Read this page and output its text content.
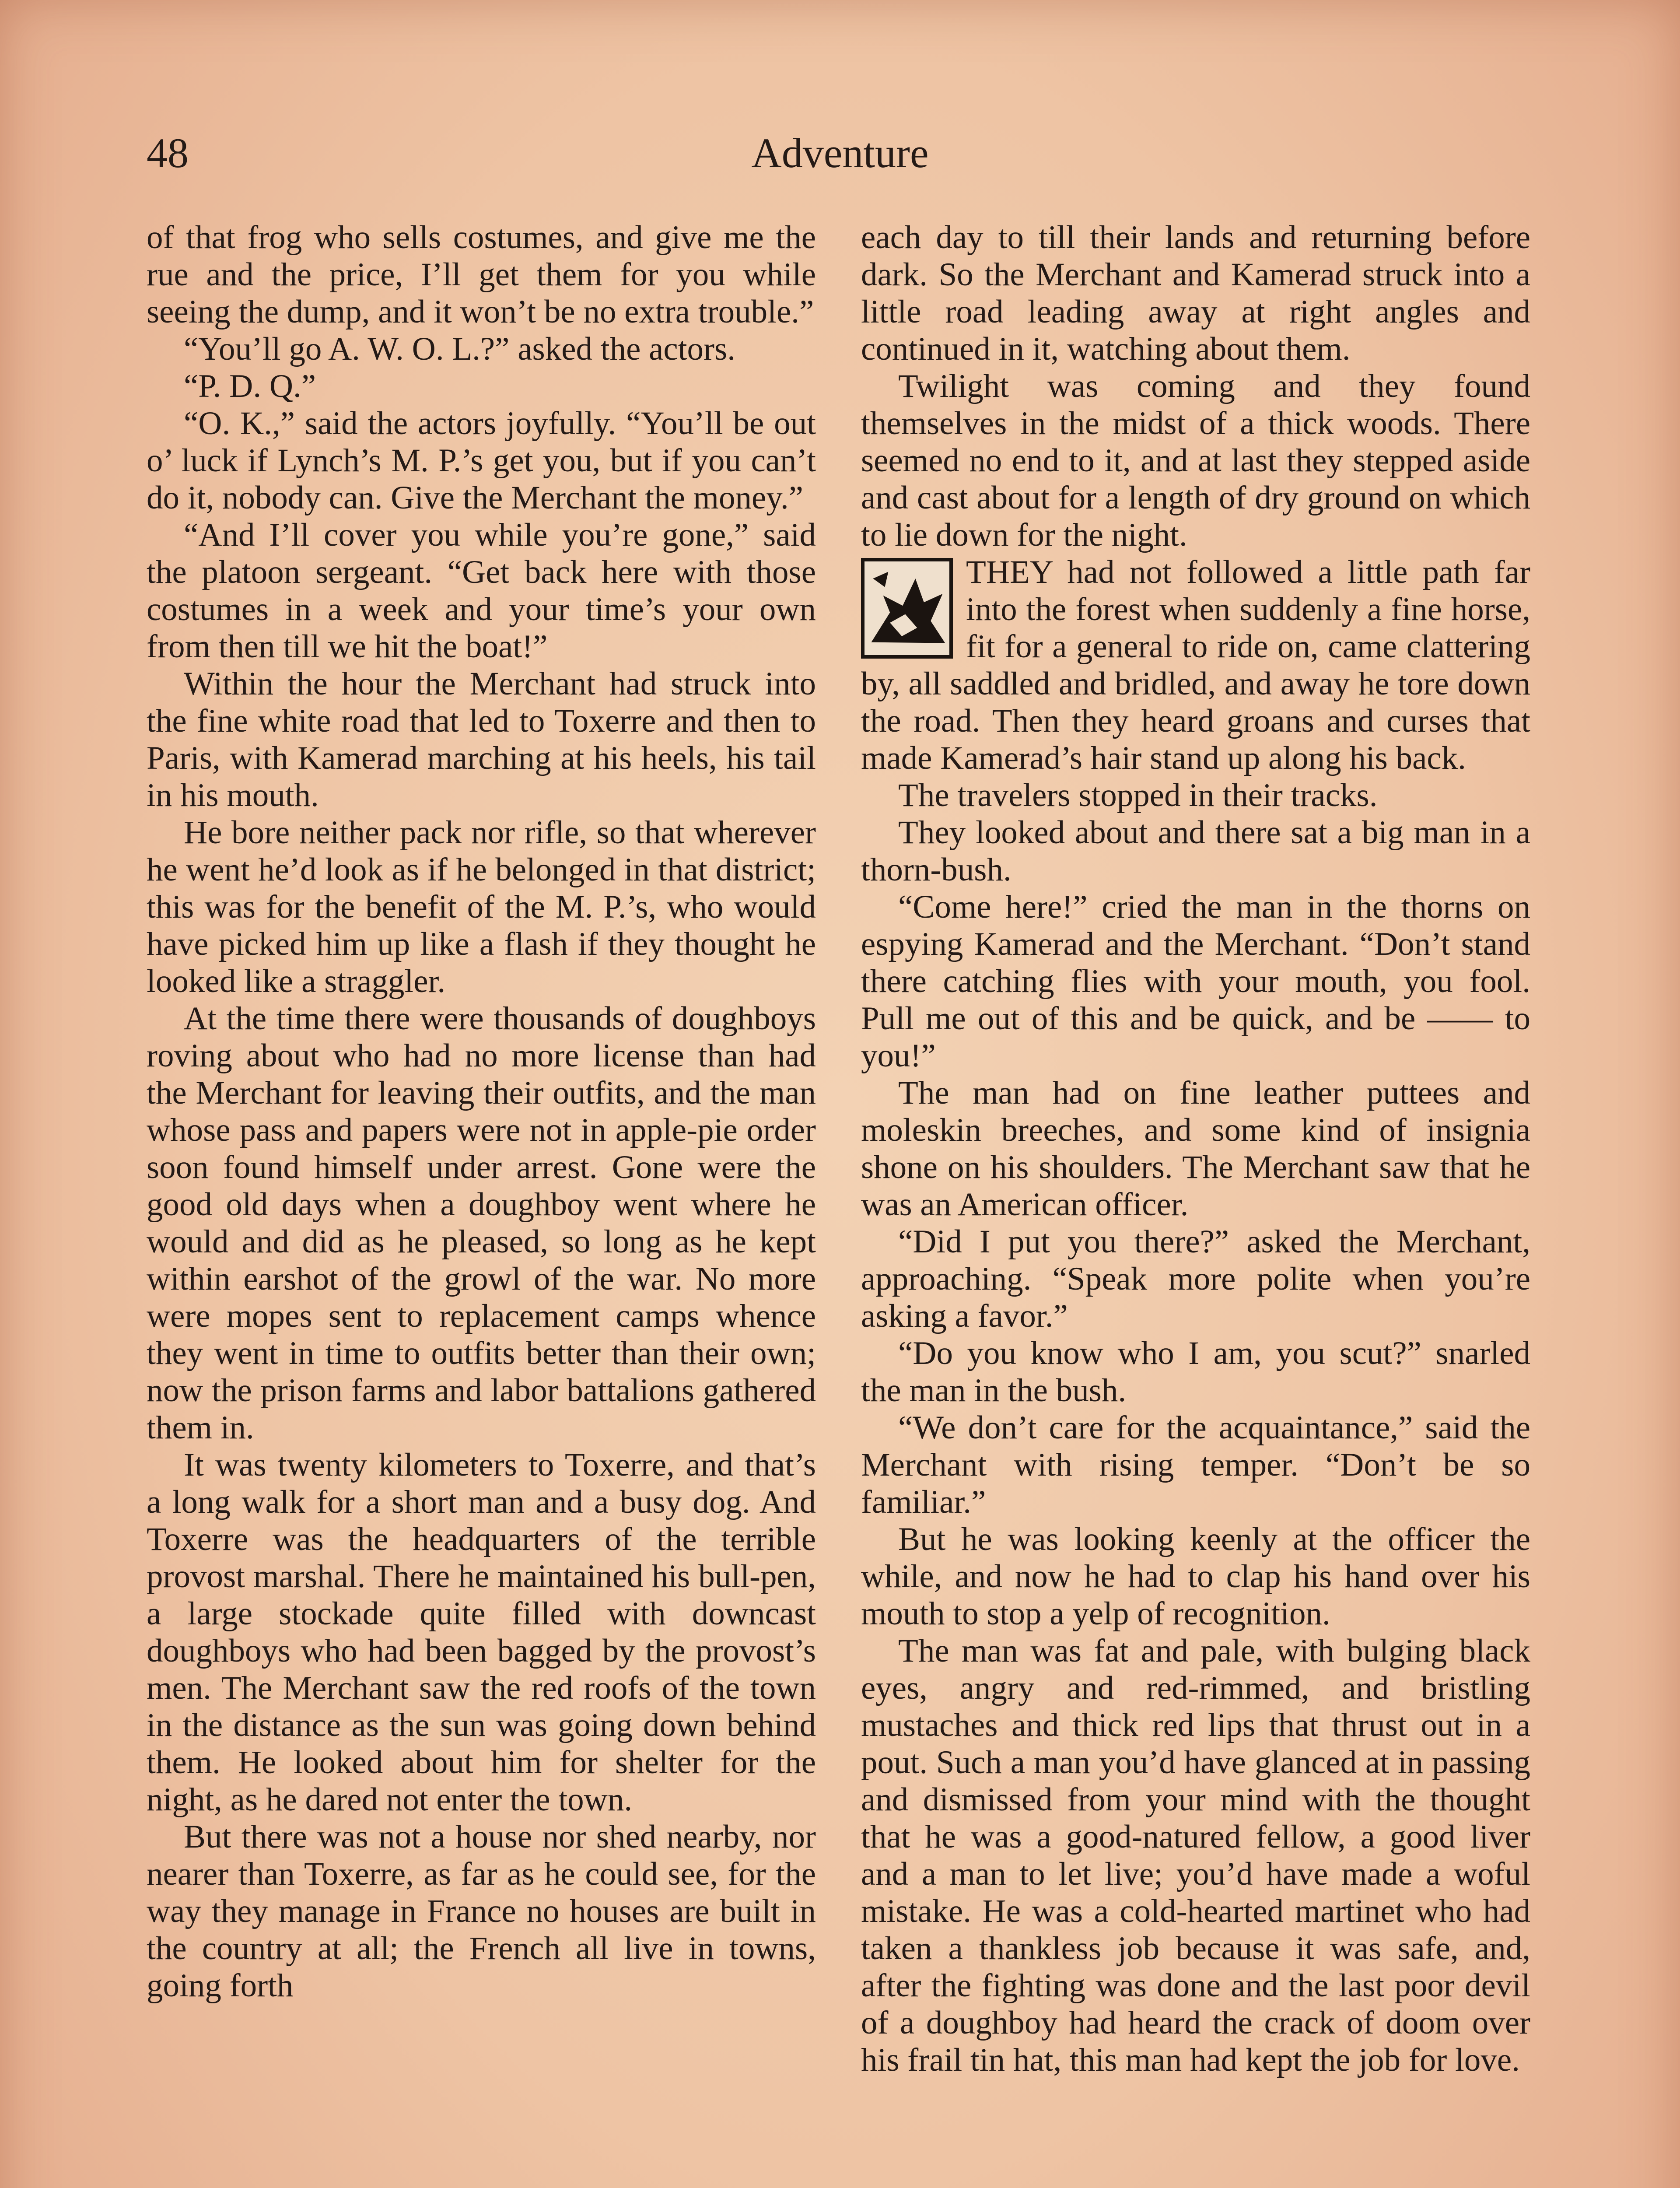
48	Adventure

of that frog who sells costumes, and give me the rue and the price, I’ll get them for you while seeing the dump, and it won’t be no extra trouble.”

“You’ll go A. W. O. L.?” asked the actors.

“P. D. Q.”

“O. K.,” said the actors joyfully. “You’ll be out o’ luck if Lynch’s M. P.’s get you, but if you can’t do it, nobody can. Give the Merchant the money.”

“And I’ll cover you while you’re gone,” said the platoon sergeant. “Get back here with those costumes in a week and your time’s your own from then till we hit the boat!”

Within the hour the Merchant had struck into the fine white road that led to Toxerre and then to Paris, with Kamerad marching at his heels, his tail in his mouth.

He bore neither pack nor rifle, so that wherever he went he’d look as if he belonged in that district; this was for the benefit of the M. P.’s, who would have picked him up like a flash if they thought he looked like a straggler.

At the time there were thousands of doughboys roving about who had no more license than had the Merchant for leaving their outfits, and the man whose pass and papers were not in apple-pie order soon found himself under arrest. Gone were the good old days when a doughboy went where he would and did as he pleased, so long as he kept within earshot of the growl of the war. No more were mopes sent to replacement camps whence they went in time to outfits better than their own; now the prison farms and labor battalions gathered them in.

It was twenty kilometers to Toxerre, and that’s a long walk for a short man and a busy dog. And Toxerre was the headquarters of the terrible provost marshal. There he maintained his bull-pen, a large stockade quite filled with downcast doughboys who had been bagged by the provost’s men. The Merchant saw the red roofs of the town in the distance as the sun was going down behind them. He looked about him for shelter for the night, as he dared not enter the town.

But there was not a house nor shed nearby, nor nearer than Toxerre, as far as he could see, for the way they manage in France no houses are built in the country at all; the French all live in towns, going forth

each day to till their lands and returning before dark. So the Merchant and Kamerad struck into a little road leading away at right angles and continued in it, watching about them.

Twilight was coming and they found themselves in the midst of a thick woods. There seemed no end to it, and at last they stepped aside and cast about for a length of dry ground on which to lie down for the night.

THEY had not followed a little path far into the forest when suddenly a fine horse, fit for a general to ride on, came clattering by, all saddled and bridled, and away he tore down the road. Then they heard groans and curses that made Kamerad’s hair stand up along his back.

The travelers stopped in their tracks.

They looked about and there sat a big man in a thorn-bush.

“Come here!” cried the man in the thorns on espying Kamerad and the Merchant. “Don’t stand there catching flies with your mouth, you fool. Pull me out of this and be quick, and be —— to you!”

The man had on fine leather puttees and moleskin breeches, and some kind of insignia shone on his shoulders. The Merchant saw that he was an American officer.

“Did I put you there?” asked the Merchant, approaching. “Speak more polite when you’re asking a favor.”

“Do you know who I am, you scut?” snarled the man in the bush.

“We don’t care for the acquaintance,” said the Merchant with rising temper. “Don’t be so familiar.”

But he was looking keenly at the officer the while, and now he had to clap his hand over his mouth to stop a yelp of recognition.

The man was fat and pale, with bulging black eyes, angry and red-rimmed, and bristling mustaches and thick red lips that thrust out in a pout. Such a man you’d have glanced at in passing and dismissed from your mind with the thought that he was a good-natured fellow, a good liver and a man to let live; you’d have made a woful mistake. He was a cold-hearted martinet who had taken a thankless job because it was safe, and, after the fighting was done and the last poor devil of a doughboy had heard the crack of doom over his frail tin hat, this man had kept the job for love.
